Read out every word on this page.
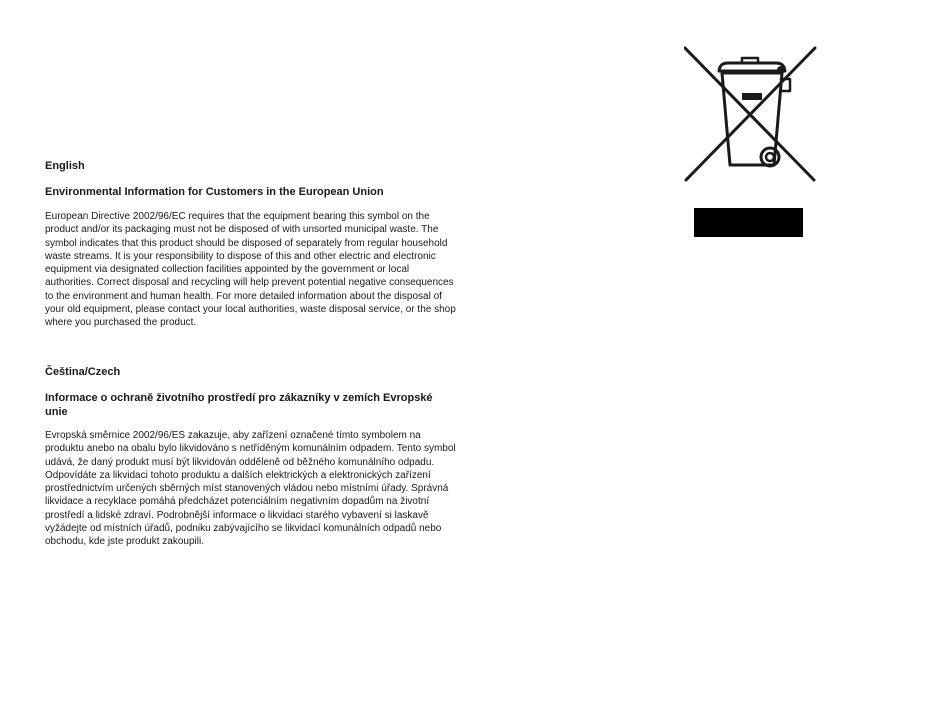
English

Environmental Information for Customers in the European Union

European Directive 2002/96/EC requires that the equipment bearing this symbol on the product and/or its packaging must not be disposed of with unsorted municipal waste. The symbol indicates that this product should be disposed of separately from regular household waste streams. It is your responsibility to dispose of this and other electric and electronic equipment via designated collection facilities appointed by the government or local authorities. Correct disposal and recycling will help prevent potential negative consequences to the environment and human health. For more detailed information about the disposal of your old equipment, please contact your local authorities, waste disposal service, or the shop where you purchased the product.

Čeština/Czech

Informace o ochraně životního prostředí pro zákazníky v zemích Evropské unie

Evropská směrnice 2002/96/ES zakazuje, aby zařízení označené tímto symbolem na produktu anebo na obalu bylo likvidováno s netříděným komunálním odpadem. Tento symbol udává, že daný produkt musí být likvidován odděleně od běžného komunálního odpadu. Odpovídáte za likvidaci tohoto produktu a dalších elektrických a elektronických zařízení prostřednictvím určených sběrných míst stanovených vládou nebo místními úřady. Správná likvidace a recyklace pomáhá předcházet potenciálním negativním dopadům na životní prostředí a lidské zdraví. Podrobnější informace o likvidaci starého vybavení si laskavě vyžádejte od místních úřadů, podniku zabývajícího se likvidací komunálních odpadů nebo obchodu, kde jste produkt zakoupili.
